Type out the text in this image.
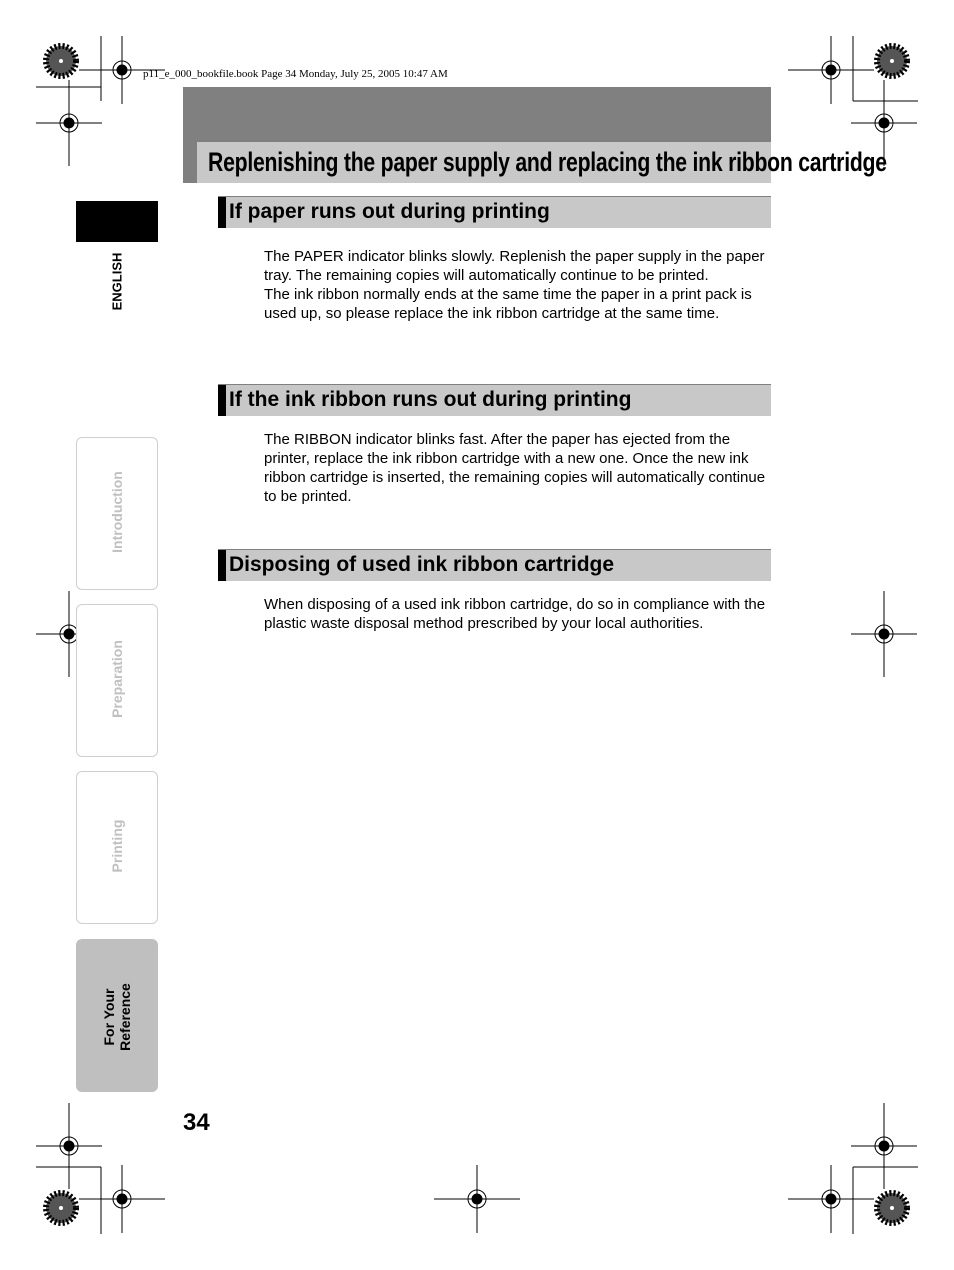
p11_e_000_bookfile.book Page 34 Monday, July 25, 2005 10:47 AM
Replenishing the paper supply and replacing the ink ribbon cartridge
If paper runs out during printing

The PAPER indicator blinks slowly. Replenish the paper supply in the paper tray. The remaining copies will automatically continue to be printed.

The ink ribbon normally ends at the same time the paper in a print pack is used up, so please replace the ink ribbon cartridge at the same time.

If the ink ribbon runs out during printing

The RIBBON indicator blinks fast. After the paper has ejected from the printer, replace the ink ribbon cartridge with a new one. Once the new ink ribbon cartridge is inserted, the remaining copies will automatically continue to be printed.

Disposing of used ink ribbon cartridge

When disposing of a used ink ribbon cartridge, do so in compliance with the plastic waste disposal method prescribed by your local authorities.

ENGLISH
Introduction
Preparation
Printing
For Your Reference
34
